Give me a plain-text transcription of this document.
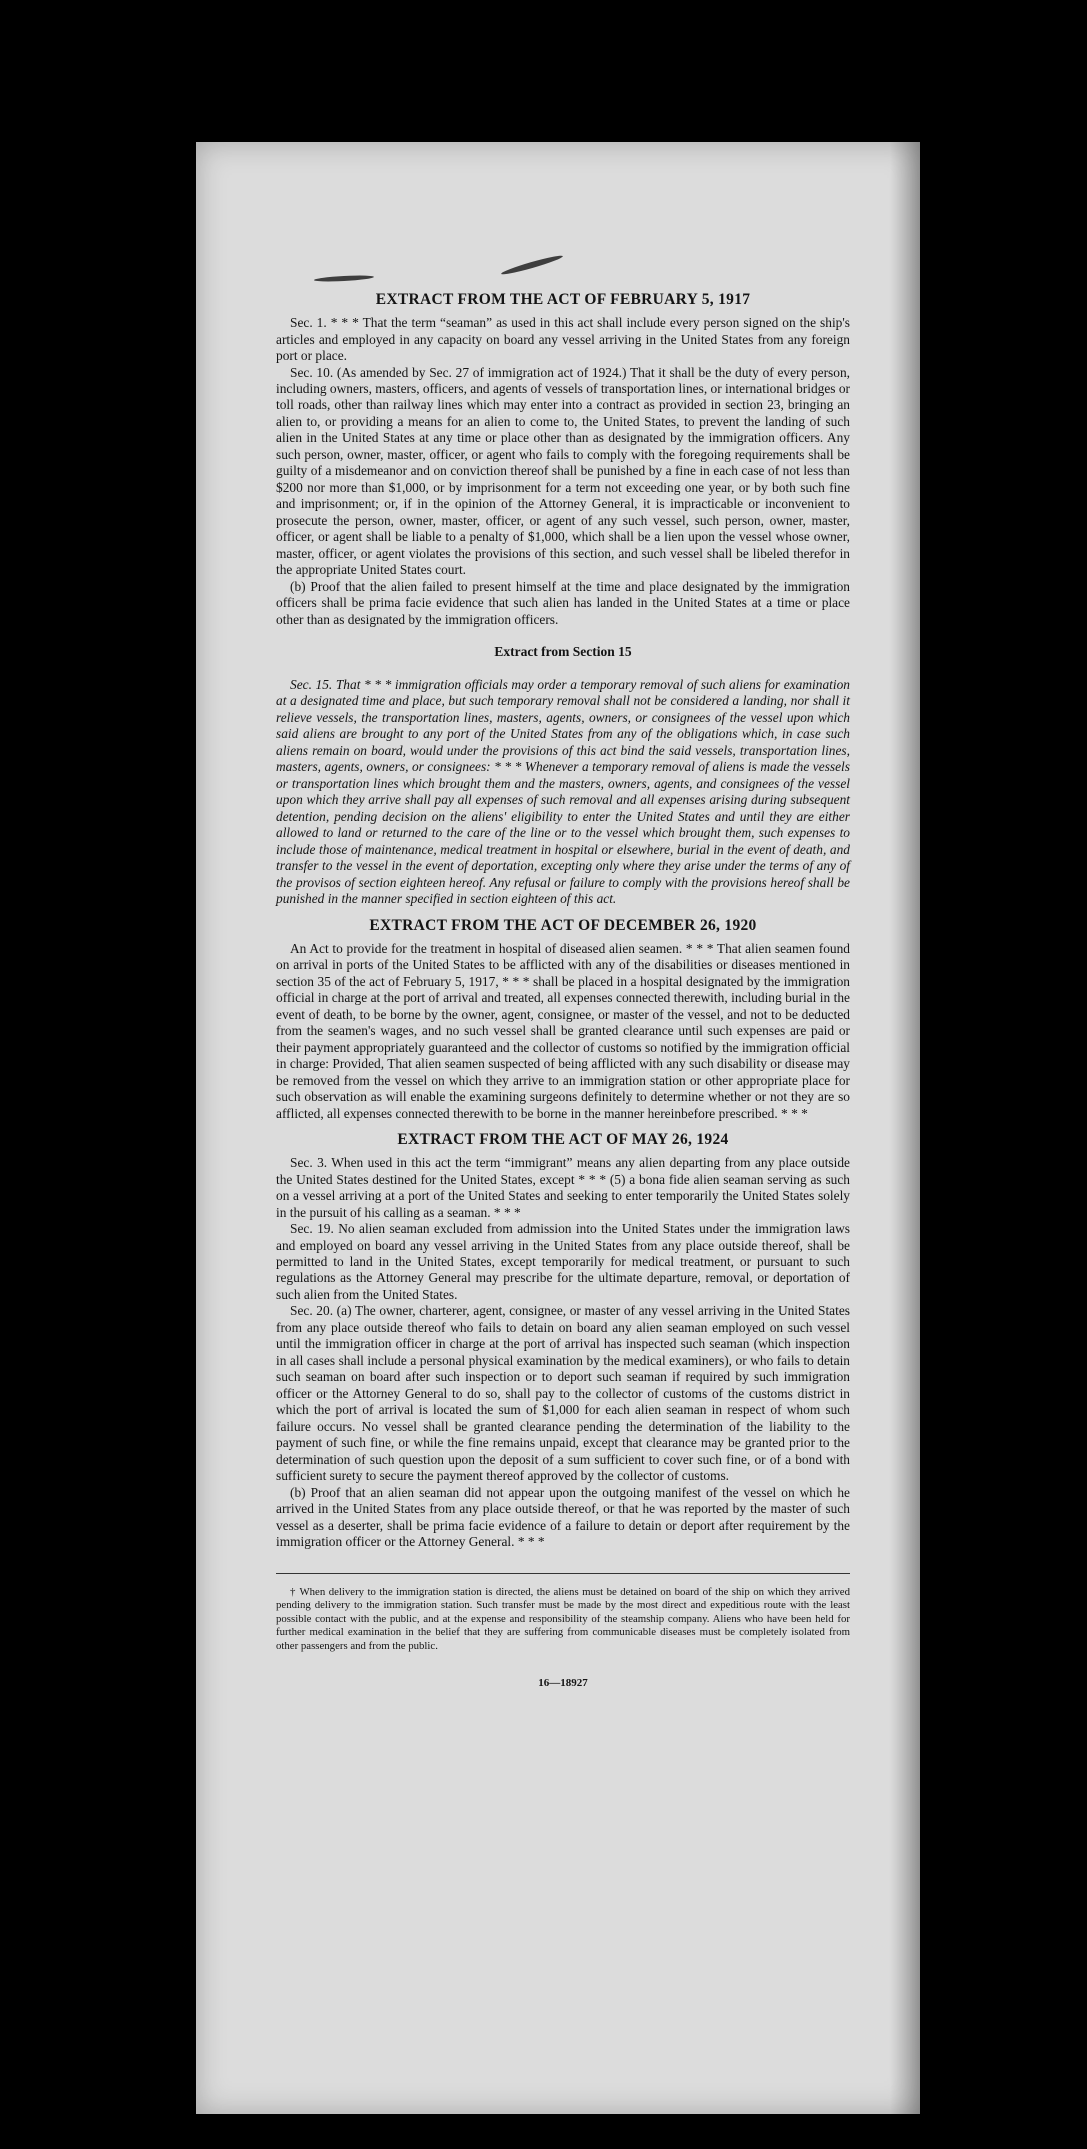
EXTRACT FROM THE ACT OF FEBRUARY 5, 1917

Sec. 1. * * * That the term “seaman” as used in this act shall include every person signed on the ship's articles and employed in any capacity on board any vessel arriving in the United States from any foreign port or place.

Sec. 10. (As amended by Sec. 27 of immigration act of 1924.) That it shall be the duty of every person, including owners, masters, officers, and agents of vessels of transportation lines, or international bridges or toll roads, other than railway lines which may enter into a contract as provided in section 23, bringing an alien to, or providing a means for an alien to come to, the United States, to prevent the landing of such alien in the United States at any time or place other than as designated by the immigration officers. Any such person, owner, master, officer, or agent who fails to comply with the foregoing requirements shall be guilty of a misdemeanor and on conviction thereof shall be punished by a fine in each case of not less than $200 nor more than $1,000, or by imprisonment for a term not exceeding one year, or by both such fine and imprisonment; or, if in the opinion of the Attorney General, it is impracticable or inconvenient to prosecute the person, owner, master, officer, or agent of any such vessel, such person, owner, master, officer, or agent shall be liable to a penalty of $1,000, which shall be a lien upon the vessel whose owner, master, officer, or agent violates the provisions of this section, and such vessel shall be libeled therefor in the appropriate United States court.

(b) Proof that the alien failed to present himself at the time and place designated by the immigration officers shall be prima facie evidence that such alien has landed in the United States at a time or place other than as designated by the immigration officers.

Extract from Section 15

Sec. 15. That * * * immigration officials may order a temporary removal of such aliens for examination at a designated time and place, but such temporary removal shall not be considered a landing, nor shall it relieve vessels, the transportation lines, masters, agents, owners, or consignees of the vessel upon which said aliens are brought to any port of the United States from any of the obligations which, in case such aliens remain on board, would under the provisions of this act bind the said vessels, transportation lines, masters, agents, owners, or consignees: * * * Whenever a temporary removal of aliens is made the vessels or transportation lines which brought them and the masters, owners, agents, and consignees of the vessel upon which they arrive shall pay all expenses of such removal and all expenses arising during subsequent detention, pending decision on the aliens' eligibility to enter the United States and until they are either allowed to land or returned to the care of the line or to the vessel which brought them, such expenses to include those of maintenance, medical treatment in hospital or elsewhere, burial in the event of death, and transfer to the vessel in the event of deportation, excepting only where they arise under the terms of any of the provisos of section eighteen hereof. Any refusal or failure to comply with the provisions hereof shall be punished in the manner specified in section eighteen of this act.

EXTRACT FROM THE ACT OF DECEMBER 26, 1920

An Act to provide for the treatment in hospital of diseased alien seamen. * * * That alien seamen found on arrival in ports of the United States to be afflicted with any of the disabilities or diseases mentioned in section 35 of the act of February 5, 1917, * * * shall be placed in a hospital designated by the immigration official in charge at the port of arrival and treated, all expenses connected therewith, including burial in the event of death, to be borne by the owner, agent, consignee, or master of the vessel, and not to be deducted from the seamen's wages, and no such vessel shall be granted clearance until such expenses are paid or their payment appropriately guaranteed and the collector of customs so notified by the immigration official in charge: Provided, That alien seamen suspected of being afflicted with any such disability or disease may be removed from the vessel on which they arrive to an immigration station or other appropriate place for such observation as will enable the examining surgeons definitely to determine whether or not they are so afflicted, all expenses connected therewith to be borne in the manner hereinbefore prescribed. * * *

EXTRACT FROM THE ACT OF MAY 26, 1924

Sec. 3. When used in this act the term “immigrant” means any alien departing from any place outside the United States destined for the United States, except * * * (5) a bona fide alien seaman serving as such on a vessel arriving at a port of the United States and seeking to enter temporarily the United States solely in the pursuit of his calling as a seaman. * * *

Sec. 19. No alien seaman excluded from admission into the United States under the immigration laws and employed on board any vessel arriving in the United States from any place outside thereof, shall be permitted to land in the United States, except temporarily for medical treatment, or pursuant to such regulations as the Attorney General may prescribe for the ultimate departure, removal, or deportation of such alien from the United States.

Sec. 20. (a) The owner, charterer, agent, consignee, or master of any vessel arriving in the United States from any place outside thereof who fails to detain on board any alien seaman employed on such vessel until the immigration officer in charge at the port of arrival has inspected such seaman (which inspection in all cases shall include a personal physical examination by the medical examiners), or who fails to detain such seaman on board after such inspection or to deport such seaman if required by such immigration officer or the Attorney General to do so, shall pay to the collector of customs of the customs district in which the port of arrival is located the sum of $1,000 for each alien seaman in respect of whom such failure occurs. No vessel shall be granted clearance pending the determination of the liability to the payment of such fine, or while the fine remains unpaid, except that clearance may be granted prior to the determination of such question upon the deposit of a sum sufficient to cover such fine, or of a bond with sufficient surety to secure the payment thereof approved by the collector of customs.

(b) Proof that an alien seaman did not appear upon the outgoing manifest of the vessel on which he arrived in the United States from any place outside thereof, or that he was reported by the master of such vessel as a deserter, shall be prima facie evidence of a failure to detain or deport after requirement by the immigration officer or the Attorney General. * * *

† When delivery to the immigration station is directed, the aliens must be detained on board of the ship on which they arrived pending delivery to the immigration station. Such transfer must be made by the most direct and expeditious route with the least possible contact with the public, and at the expense and responsibility of the steamship company. Aliens who have been held for further medical examination in the belief that they are suffering from communicable diseases must be completely isolated from other passengers and from the public.

16—18927
